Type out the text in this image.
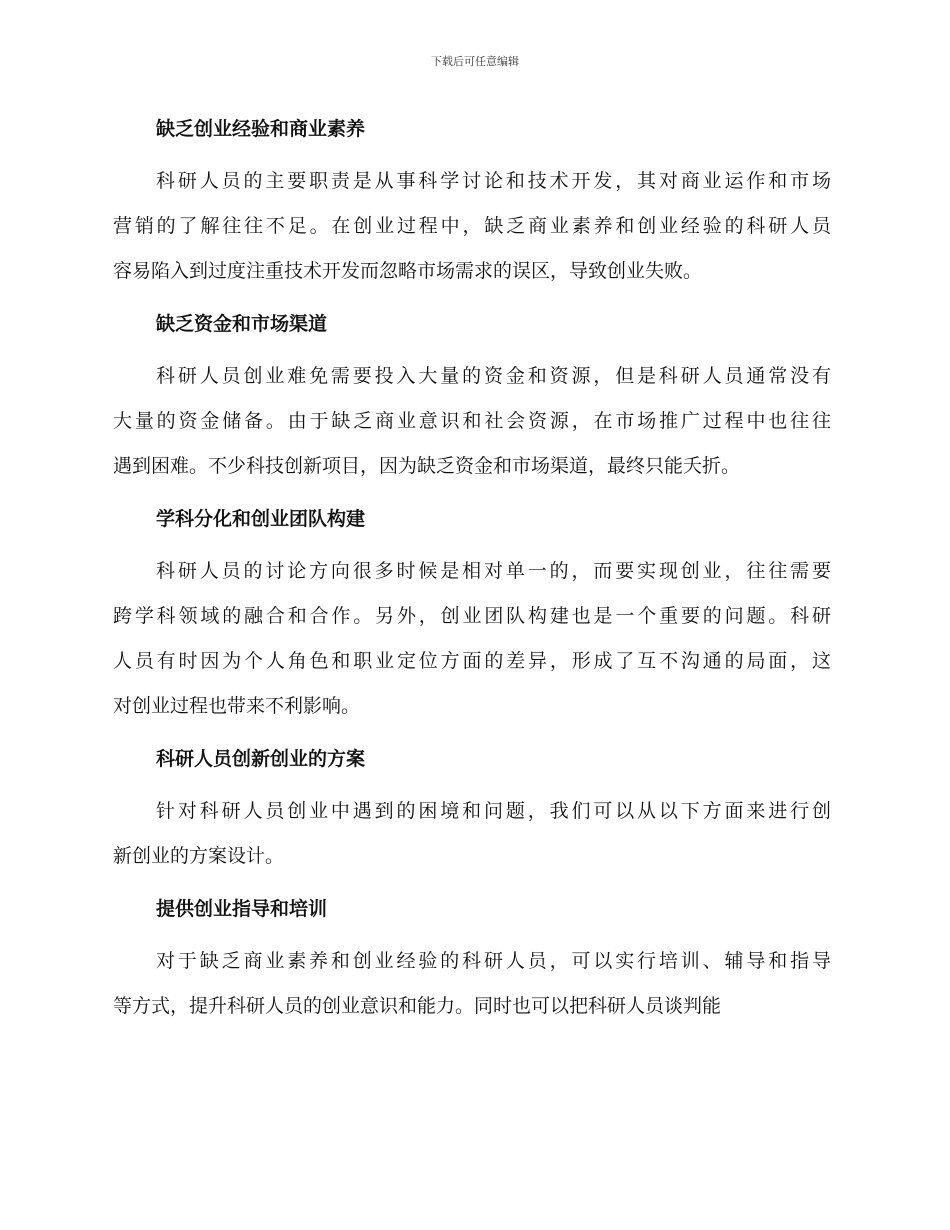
下载后可任意编辑
缺乏创业经验和商业素养
科研人员的主要职责是从事科学讨论和技术开发，其对商业运作和市场
营销的了解往往不足。在创业过程中，缺乏商业素养和创业经验的科研人员
容易陷入到过度注重技术开发而忽略市场需求的误区，导致创业失败。
缺乏资金和市场渠道
科研人员创业难免需要投入大量的资金和资源，但是科研人员通常没有
大量的资金储备。由于缺乏商业意识和社会资源，在市场推广过程中也往往
遇到困难。不少科技创新项目，因为缺乏资金和市场渠道，最终只能夭折。
学科分化和创业团队构建
科研人员的讨论方向很多时候是相对单一的，而要实现创业，往往需要
跨学科领域的融合和合作。另外，创业团队构建也是一个重要的问题。科研
人员有时因为个人角色和职业定位方面的差异，形成了互不沟通的局面，这
对创业过程也带来不利影响。
科研人员创新创业的方案
针对科研人员创业中遇到的困境和问题，我们可以从以下方面来进行创
新创业的方案设计。
提供创业指导和培训
对于缺乏商业素养和创业经验的科研人员，可以实行培训、辅导和指导
等方式，提升科研人员的创业意识和能力。同时也可以把科研人员谈判能
